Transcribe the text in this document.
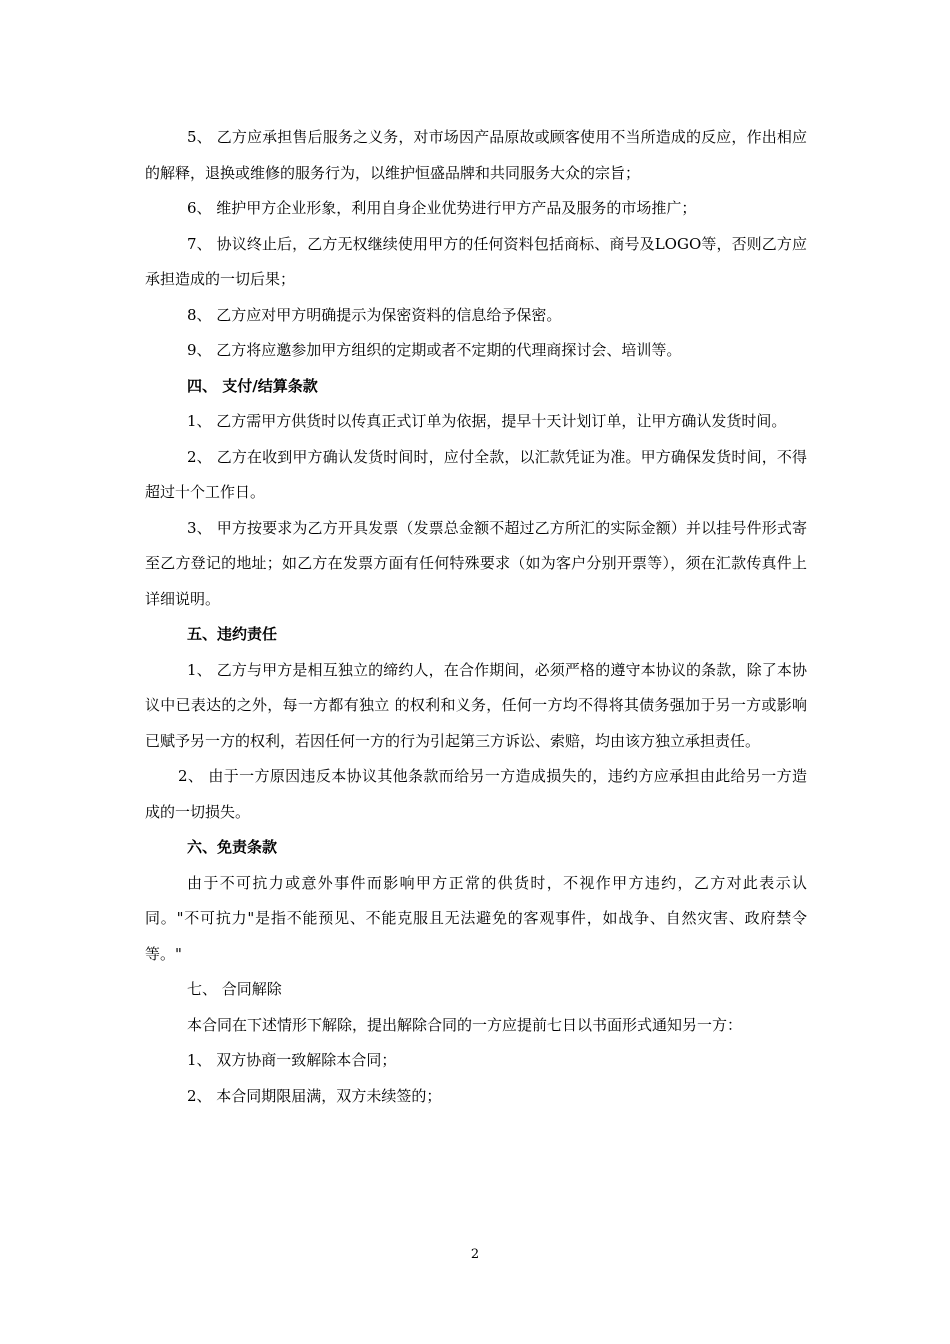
5、 乙方应承担售后服务之义务，对市场因产品原故或顾客使用不当所造成的反应，作出相应的解释，退换或维修的服务行为，以维护恒盛品牌和共同服务大众的宗旨；

6、 维护甲方企业形象，利用自身企业优势进行甲方产品及服务的市场推广；

7、 协议终止后，乙方无权继续使用甲方的任何资料包括商标、商号及LOGO等，否则乙方应承担造成的一切后果；

8、 乙方应对甲方明确提示为保密资料的信息给予保密。

9、 乙方将应邀参加甲方组织的定期或者不定期的代理商探讨会、培训等。

四、 支付/结算条款

1、 乙方需甲方供货时以传真正式订单为依据，提早十天计划订单，让甲方确认发货时间。

2、 乙方在收到甲方确认发货时间时，应付全款，以汇款凭证为准。甲方确保发货时间，不得超过十个工作日。

3、 甲方按要求为乙方开具发票（发票总金额不超过乙方所汇的实际金额）并以挂号件形式寄至乙方登记的地址；如乙方在发票方面有任何特殊要求（如为客户分别开票等），须在汇款传真件上详细说明。

五、违约责任

1、 乙方与甲方是相互独立的缔约人，在合作期间，必须严格的遵守本协议的条款，除了本协议中已表达的之外，每一方都有独立 的权利和义务，任何一方均不得将其债务强加于另一方或影响已赋予另一方的权利，若因任何一方的行为引起第三方诉讼、索赔，均由该方独立承担责任。

2、 由于一方原因违反本协议其他条款而给另一方造成损失的，违约方应承担由此给另一方造成的一切损失。

六、免责条款

由于不可抗力或意外事件而影响甲方正常的供货时，不视作甲方违约，乙方对此表示认同。"不可抗力"是指不能预见、不能克服且无法避免的客观事件，如战争、自然灾害、政府禁令等。"

七、 合同解除

本合同在下述情形下解除，提出解除合同的一方应提前七日以书面形式通知另一方：

1、 双方协商一致解除本合同；

2、 本合同期限届满，双方未续签的；

2
